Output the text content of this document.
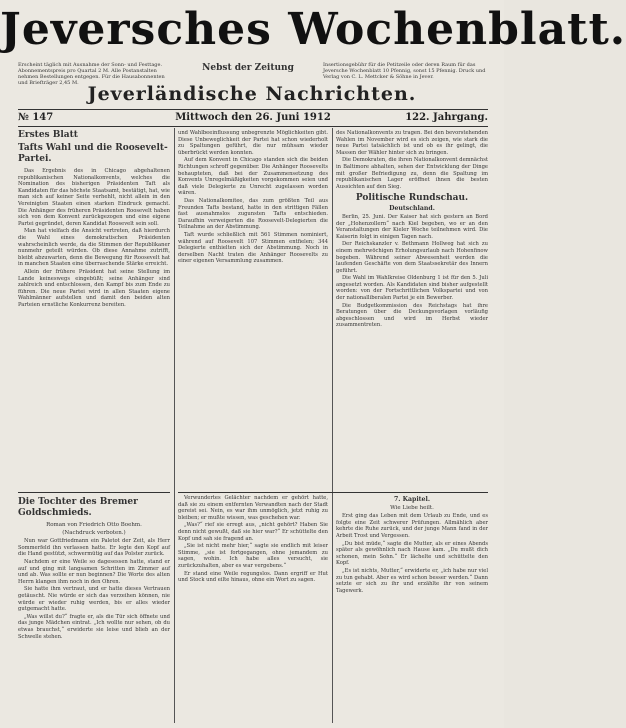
Jeversches Wochenblatt.
Erscheint täglich mit Ausnahme der Sonn- und Festtage. Abonnementspreis pro Quartal 2 M. Alle Postanstalten nehmen Bestellungen entgegen. Für die Hausabonnenten und Briefträger 2,45 M.
Nebst der Zeitung	Insertionsgebühr für die Petitzeile oder deren Raum für das Jeversche Wochenblatt 10 Pfennig, sonst 15 Pfennig. Druck und Verlag von C. L. Mettcker & Söhne in Jever.
Jeverländische Nachrichten.
№ 147	Mittwoch den 26. Juni 1912	122. Jahrgang.
Erstes Blatt
Tafts Wahl und die Roosevelt-Partei.

Das Ergebnis des in Chicago abgehaltenen republikanischen Nationalkonvents, welches die Nomination des bisherigen Präsidenten Taft als Kandidaten für das höchste Staatsamt, bestätigt, hat, wie man sich auf keiner Seite verhehlt, nicht allein in den Vereinigten Staaten einen starken Eindruck gemacht. Die Anhänger des früheren Präsidenten Roosevelt haben sich von dem Konvent zurückgezogen und eine eigene Partei gegründet, deren Kandidat Roosevelt sein soll.

Man hat vielfach die Ansicht vertreten, daß hierdurch die Wahl eines demokratischen Präsidenten wahrscheinlich werde, da die Stimmen der Republikaner nunmehr geteilt würden. Ob diese Annahme zutrifft, bleibt abzuwarten, denn die Bewegung für Roosevelt hat in manchen Staaten eine überraschende Stärke erreicht.

Allein der frühere Präsident hat seine Stellung im Lande keineswegs eingebüßt; seine Anhänger sind zahlreich und entschlossen, den Kampf bis zum Ende zu führen. Die neue Partei wird in allen Staaten eigene Wahlmänner aufstellen und damit den beiden alten Parteien ernstliche Konkurrenz bereiten.

Die Tochter des Bremer Goldschmieds.
Roman von Friedrich Otto Boehm.
(Nachdruck verboten.)

Nun war Gottfriedmann ein Paletot der Zeit, als Herr Sommerfeld ihn verlassen hatte. Er legte den Kopf auf die Hand gestützt, schwermütig auf das Polster zurück.

Nachdem er eine Weile so dagesessen hatte, stand er auf und ging mit langsamen Schritten im Zimmer auf und ab. Was sollte er nun beginnen? Die Worte des alten Herrn klangen ihm noch in den Ohren.

Sie hatte ihm vertraut, und er hatte dieses Vertrauen getäuscht. Nie würde er sich das verzeihen können, nie würde er wieder ruhig werden, bis er alles wieder gutgemacht hatte.

„Was willst du?“ fragte er, als die Tür sich öffnete und das junge Mädchen eintrat. „Ich wollte nur sehen, ob du etwas brauchst,“ erwiderte sie leise und blieb an der Schwelle stehen.

und Wahlbeeinflussung unbegrenzte Möglichkeiten gibt. Diese Unbeweglichkeit der Partei hat schon wiederholt zu Spaltungen geführt, die nur mühsam wieder überbrückt werden konnten.

Auf dem Konvent in Chicago standen sich die beiden Richtungen schroff gegenüber. Die Anhänger Roosevelts behaupteten, daß bei der Zusammensetzung des Konvents Unregelmäßigkeiten vorgekommen seien und daß viele Delegierte zu Unrecht zugelassen worden wären.

Das Nationalkomitee, das zum größten Teil aus Freunden Tafts bestand, hatte in den strittigen Fällen fast ausnahmslos zugunsten Tafts entschieden. Daraufhin verweigerten die Roosevelt-Delegierten die Teilnahme an der Abstimmung.

Taft wurde schließlich mit 561 Stimmen nominiert, während auf Roosevelt 107 Stimmen entfielen; 344 Delegierte enthielten sich der Abstimmung. Noch in derselben Nacht traten die Anhänger Roosevelts zu einer eigenen Versammlung zusammen.

Verwundertes Gelächter nachdem er gehört hatte, daß sie zu einem entfernten Verwandten nach der Stadt gereist sei. Nein, es war ihm unmöglich, jetzt ruhig zu bleiben; er mußte wissen, was geschehen war.

„Was?“ rief sie erregt aus, „nicht gehört? Haben Sie denn nicht gewußt, daß sie hier war?“ Er schüttelte den Kopf und sah sie fragend an.

„Sie ist nicht mehr hier,“ sagte sie endlich mit leiser Stimme, „sie ist fortgegangen, ohne jemandem zu sagen, wohin. Ich habe alles versucht, sie zurückzuhalten, aber es war vergebens.“

Er stand eine Weile regungslos. Dann ergriff er Hut und Stock und eilte hinaus, ohne ein Wort zu sagen.

des Nationalkonvents zu tragen. Bei den bevorstehenden Wahlen im November wird es sich zeigen, wie stark die neue Partei tatsächlich ist und ob es ihr gelingt, die Massen der Wähler hinter sich zu bringen.

Die Demokraten, die ihren Nationalkonvent demnächst in Baltimore abhalten, sehen der Entwicklung der Dinge mit großer Befriedigung zu, denn die Spaltung im republikanischen Lager eröffnet ihnen die besten Aussichten auf den Sieg.

Politische Rundschau.
Deutschland.

Berlin, 25. Juni. Der Kaiser hat sich gestern an Bord der „Hohenzollern“ nach Kiel begeben, wo er an den Veranstaltungen der Kieler Woche teilnehmen wird. Die Kaiserin folgt in einigen Tagen nach.

Der Reichskanzler v. Bethmann Hollweg hat sich zu einem mehrwöchigen Erholungsurlaub nach Hohenfinow begeben. Während seiner Abwesenheit werden die laufenden Geschäfte von dem Staatssekretär des Innern geführt.

Die Wahl im Wahlkreise Oldenburg 1 ist für den 5. Juli angesetzt worden. Als Kandidaten sind bisher aufgestellt worden: von der Fortschrittlichen Volkspartei und von der nationalliberalen Partei je ein Bewerber.

Die Budgetkommission des Reichstags hat ihre Beratungen über die Deckungsvorlagen vorläufig abgeschlossen und wird im Herbst wieder zusammentreten.

7. Kapitel.
Wie Liebe heilt.

Erst ging das Leben mit dem Urlaub zu Ende, und es folgte eine Zeit schwerer Prüfungen. Allmählich aber kehrte die Ruhe zurück, und der junge Mann fand in der Arbeit Trost und Vergessen.

„Du bist müde,“ sagte die Mutter, als er eines Abends später als gewöhnlich nach Hause kam. „Du mußt dich schonen, mein Sohn.“ Er lächelte und schüttelte den Kopf.

„Es ist nichts, Mutter,“ erwiderte er, „ich habe nur viel zu tun gehabt. Aber es wird schon besser werden.“ Dann setzte er sich zu ihr und erzählte ihr von seinem Tagewerk.
